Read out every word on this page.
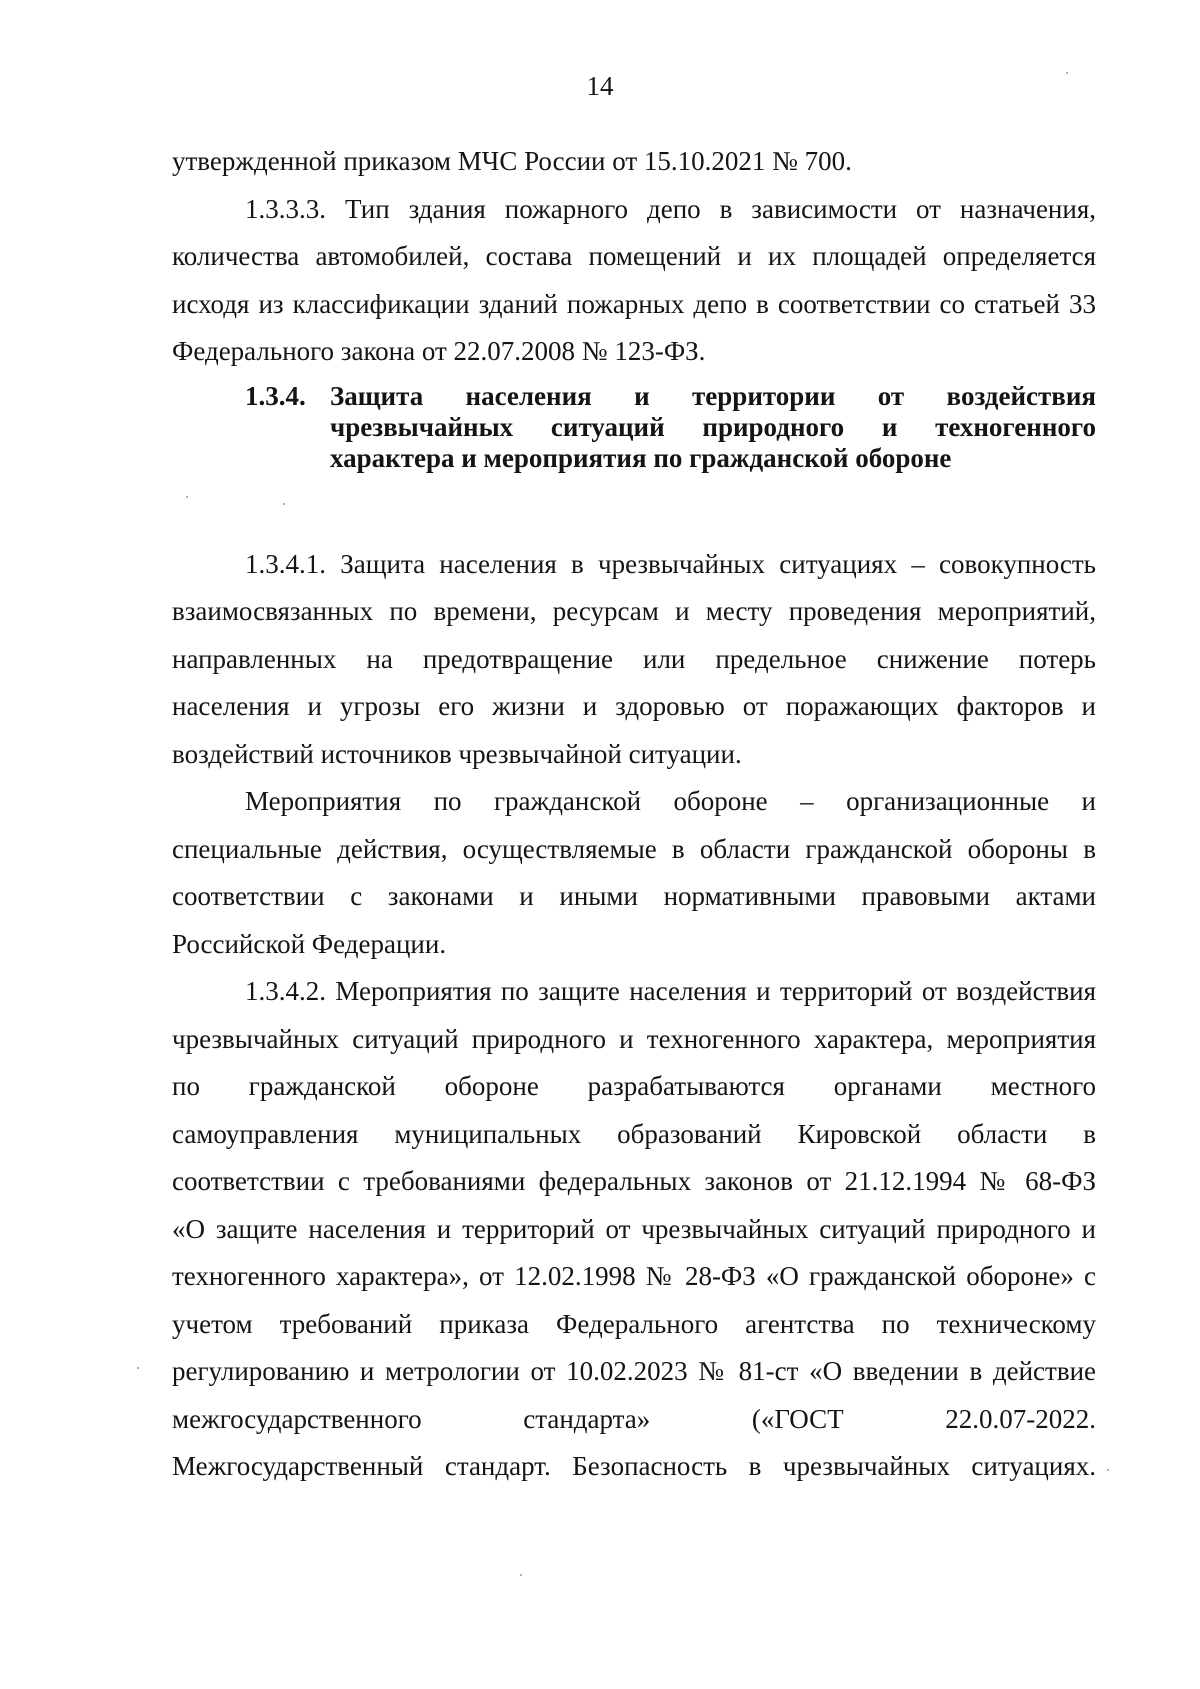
14

утвержденной приказом МЧС России от 15.10.2021 № 700.

1.3.3.3. Тип здания пожарного депо в зависимости от назначения,

количества автомобилей, состава помещений и их площадей определяется

исходя из классификации зданий пожарных депо в соответствии со статьей 33

Федерального закона от 22.07.2008 № 123-ФЗ.

1.3.4. Защита населения и территории от воздействия
чрезвычайных ситуаций природного и техногенного
характера и мероприятия по гражданской обороне

1.3.4.1. Защита населения в чрезвычайных ситуациях – совокупность

взаимосвязанных по времени, ресурсам и месту проведения мероприятий,

направленных на предотвращение или предельное снижение потерь

населения и угрозы его жизни и здоровью от поражающих факторов и

воздействий источников чрезвычайной ситуации.

Мероприятия по гражданской обороне – организационные и

специальные действия, осуществляемые в области гражданской обороны в

соответствии с законами и иными нормативными правовыми актами

Российской Федерации.

1.3.4.2. Мероприятия по защите населения и территорий от воздействия

чрезвычайных ситуаций природного и техногенного характера, мероприятия

по гражданской обороне разрабатываются органами местного

самоуправления муниципальных образований Кировской области в

соответствии с требованиями федеральных законов от 21.12.1994 № 68-ФЗ

«О защите населения и территорий от чрезвычайных ситуаций природного и

техногенного характера», от 12.02.1998 № 28-ФЗ «О гражданской обороне» с

учетом требований приказа Федерального агентства по техническому

регулированию и метрологии от 10.02.2023 № 81-ст «О введении в действие

межгосударственного стандарта» («ГОСТ 22.0.07-2022.

Межгосударственный стандарт. Безопасность в чрезвычайных ситуациях.
